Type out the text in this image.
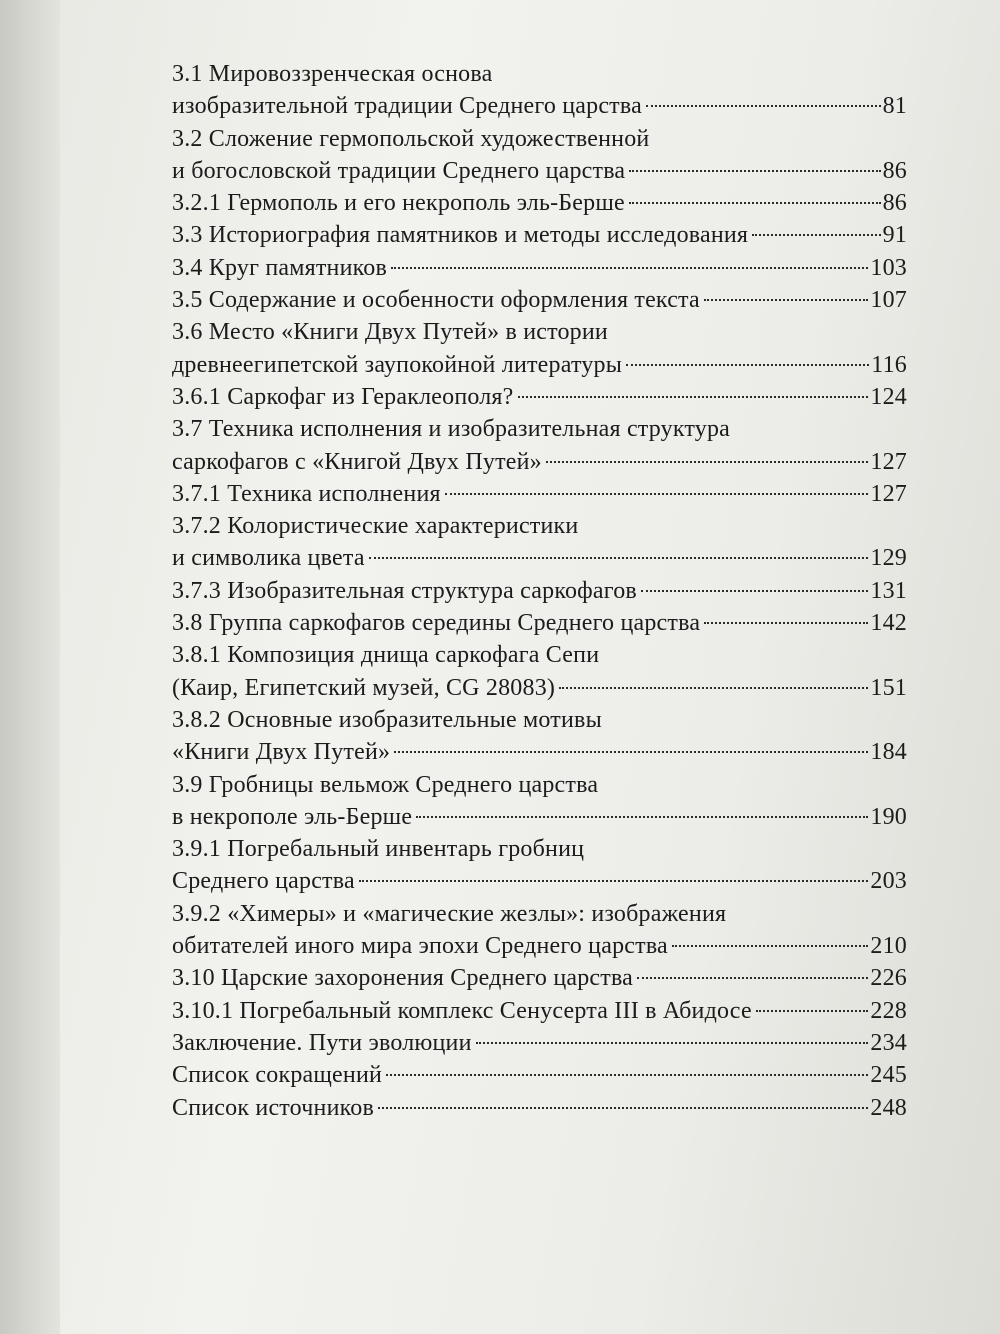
3.1 Мировоззренческая основа
изобразительной традиции Среднего царства	81
3.2 Сложение гермопольской художественной
и богословской традиции Среднего царства	86
3.2.1 Гермополь и его некрополь эль-Берше	86
3.3 Историография памятников и методы исследования	91
3.4 Круг памятников	103
3.5 Содержание и особенности оформления текста	107
3.6 Место «Книги Двух Путей» в истории
древнеегипетской заупокойной литературы	116
3.6.1 Саркофаг из Гераклеополя?	124
3.7 Техника исполнения и изобразительная структура
саркофагов с «Книгой Двух Путей»	127
3.7.1 Техника исполнения	127
3.7.2 Колористические характеристики
и символика цвета	129
3.7.3 Изобразительная структура саркофагов	131
3.8 Группа саркофагов середины Среднего царства	142
3.8.1 Композиция днища саркофага Сепи
(Каир, Египетский музей, CG 28083)	151
3.8.2 Основные изобразительные мотивы
«Книги Двух Путей»	184
3.9 Гробницы вельмож Среднего царства
в некрополе эль-Берше	190
3.9.1 Погребальный инвентарь гробниц
Среднего царства	203
3.9.2 «Химеры» и «магические жезлы»: изображения
обитателей иного мира эпохи Среднего царства	210
3.10 Царские захоронения Среднего царства	226
3.10.1 Погребальный комплекс Сенусерта III в Абидосе	228
Заключение. Пути эволюции	234
Список сокращений	245
Список источников	248
